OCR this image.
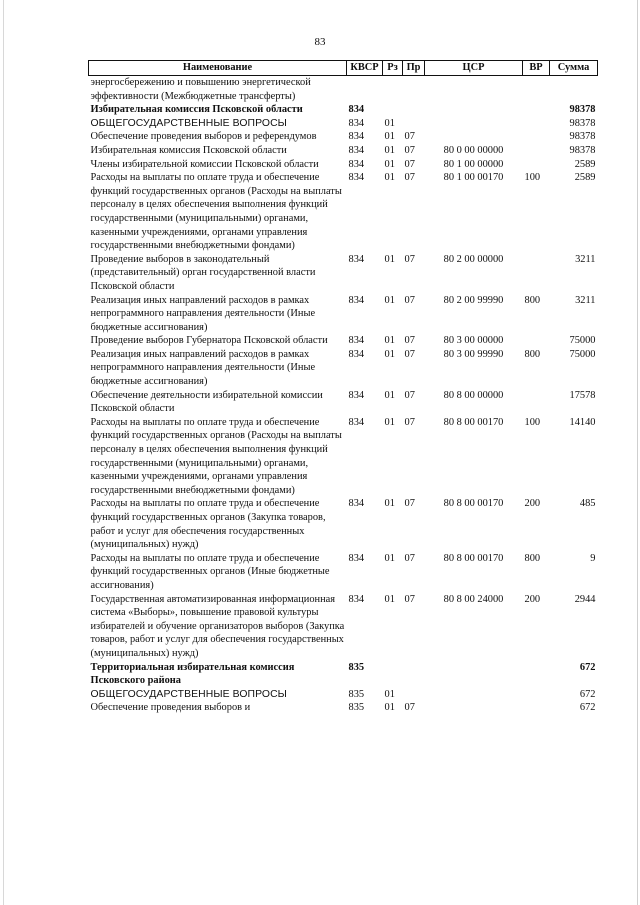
83
Наименование	КВСР	Рз	Пр	ЦСР	ВР	Сумма
энергосбережению и повышению энергетической эффективности (Межбюджетные трансферты)						
Избирательная комиссия Псковской области	834					98378
ОБЩЕГОСУДАРСТВЕННЫЕ ВОПРОСЫ	834	01				98378
Обеспечение проведения выборов и референдумов	834	01	07			98378
Избирательная комиссия Псковской области	834	01	07	80 0 00 00000		98378
Члены избирательной комиссии Псковской области	834	01	07	80 1 00 00000		2589
Расходы на выплаты по оплате труда и обеспечение функций государственных органов (Расходы на выплаты персоналу в целях обеспечения выполнения функций государственными (муниципальными) органами, казенными учреждениями, органами управления государственными внебюджетными фондами)	834	01	07	80 1 00 00170	100	2589
Проведение выборов в законодательный (представительный) орган государственной власти Псковской области	834	01	07	80 2 00 00000		3211
Реализация иных направлений расходов в рамках непрограммного направления деятельности (Иные бюджетные ассигнования)	834	01	07	80 2 00 99990	800	3211
Проведение выборов Губернатора Псковской области	834	01	07	80 3 00 00000		75000
Реализация иных направлений расходов в рамках непрограммного направления деятельности (Иные бюджетные ассигнования)	834	01	07	80 3 00 99990	800	75000
Обеспечение деятельности избирательной комиссии Псковской области	834	01	07	80 8 00 00000		17578
Расходы на выплаты по оплате труда и обеспечение функций государственных органов (Расходы на выплаты персоналу в целях обеспечения выполнения функций государственными (муниципальными) органами, казенными учреждениями, органами управления государственными внебюджетными фондами)	834	01	07	80 8 00 00170	100	14140
Расходы на выплаты по оплате труда и обеспечение функций государственных органов (Закупка товаров, работ и услуг для обеспечения государственных (муниципальных) нужд)	834	01	07	80 8 00 00170	200	485
Расходы на выплаты по оплате труда и обеспечение функций государственных органов (Иные бюджетные ассигнования)	834	01	07	80 8 00 00170	800	9
Государственная автоматизированная информационная система «Выборы», повышение правовой культуры избирателей и обучение организаторов выборов (Закупка товаров, работ и услуг для обеспечения государственных (муниципальных) нужд)	834	01	07	80 8 00 24000	200	2944
Территориальная избирательная комиссия Псковского района	835					672
ОБЩЕГОСУДАРСТВЕННЫЕ ВОПРОСЫ	835	01				672
Обеспечение проведения выборов и	835	01	07			672
